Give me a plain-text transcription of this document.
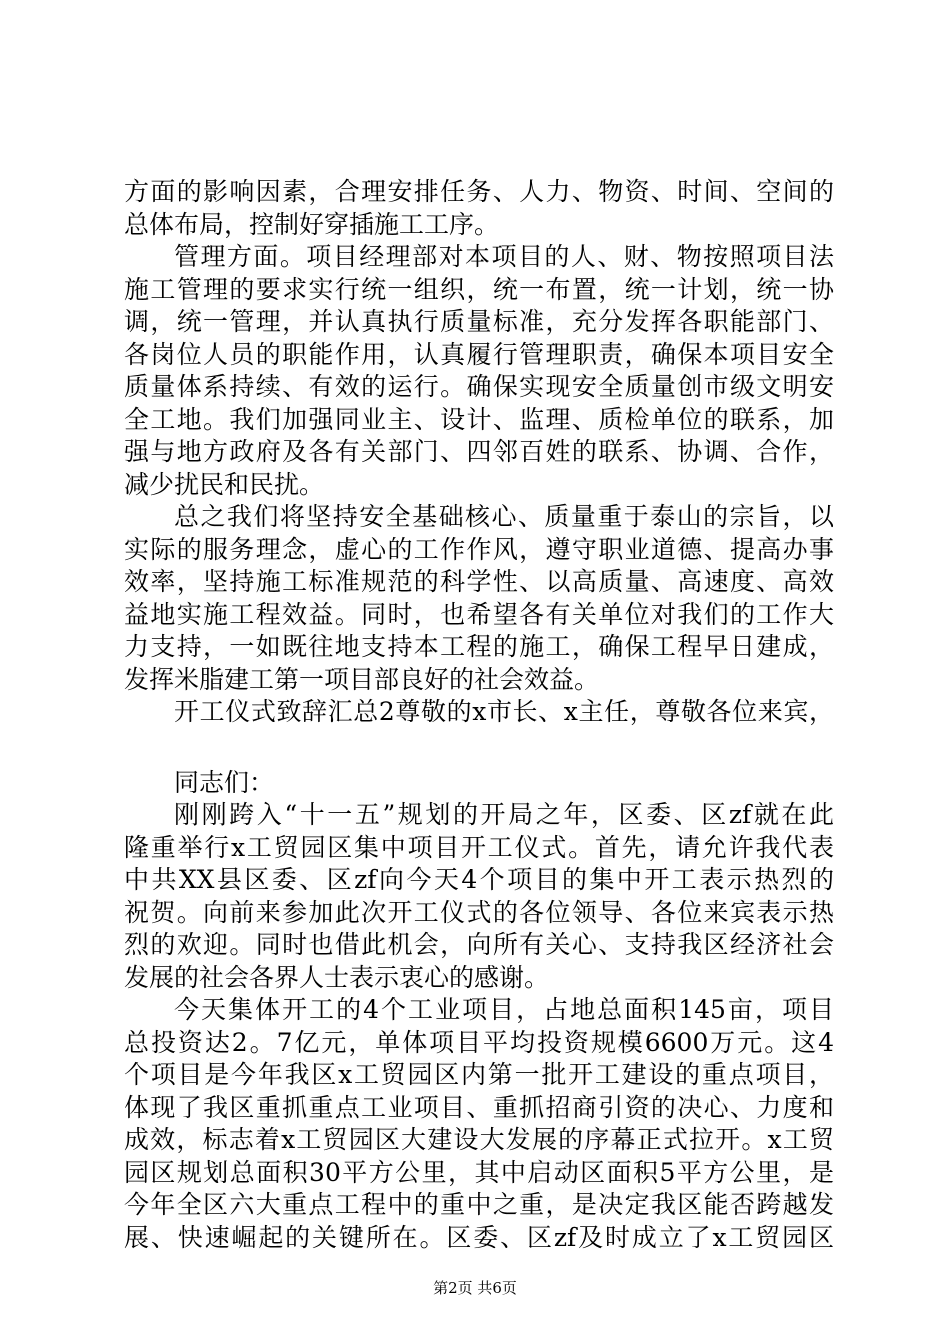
方面的影响因素，合理安排任务、人力、物资、时间、空间的
总体布局，控制好穿插施工工序。
管理方面。项目经理部对本项目的人、财、物按照项目法
施工管理的要求实行统一组织，统一布置，统一计划，统一协
调，统一管理，并认真执行质量标准，充分发挥各职能部门、
各岗位人员的职能作用，认真履行管理职责，确保本项目安全
质量体系持续、有效的运行。确保实现安全质量创市级文明安
全工地。我们加强同业主、设计、监理、质检单位的联系，加
强与地方政府及各有关部门、四邻百姓的联系、协调、合作，
减少扰民和民扰。
总之我们将坚持安全基础核心、质量重于泰山的宗旨，以
实际的服务理念，虚心的工作作风，遵守职业道德、提高办事
效率，坚持施工标准规范的科学性、以高质量、高速度、高效
益地实施工程效益。同时，也希望各有关单位对我们的工作大
力支持，一如既往地支持本工程的施工，确保工程早日建成，
发挥米脂建工第一项目部良好的社会效益。
开工仪式致辞汇总2尊敬的x市长、x主任，尊敬各位来宾，
同志们：
刚刚跨入“十一五”规划的开局之年，区委、区zf就在此
隆重举行x工贸园区集中项目开工仪式。首先，请允许我代表
中共XX县区委、区zf向今天4个项目的集中开工表示热烈的
祝贺。向前来参加此次开工仪式的各位领导、各位来宾表示热
烈的欢迎。同时也借此机会，向所有关心、支持我区经济社会
发展的社会各界人士表示衷心的感谢。
今天集体开工的4个工业项目，占地总面积145亩，项目
总投资达2。7亿元，单体项目平均投资规模6600万元。这4
个项目是今年我区x工贸园区内第一批开工建设的重点项目，
体现了我区重抓重点工业项目、重抓招商引资的决心、力度和
成效，标志着x工贸园区大建设大发展的序幕正式拉开。x工贸
园区规划总面积30平方公里，其中启动区面积5平方公里，是
今年全区六大重点工程中的重中之重，是决定我区能否跨越发
展、快速崛起的关键所在。区委、区zf及时成立了x工贸园区
第2页 共6页
